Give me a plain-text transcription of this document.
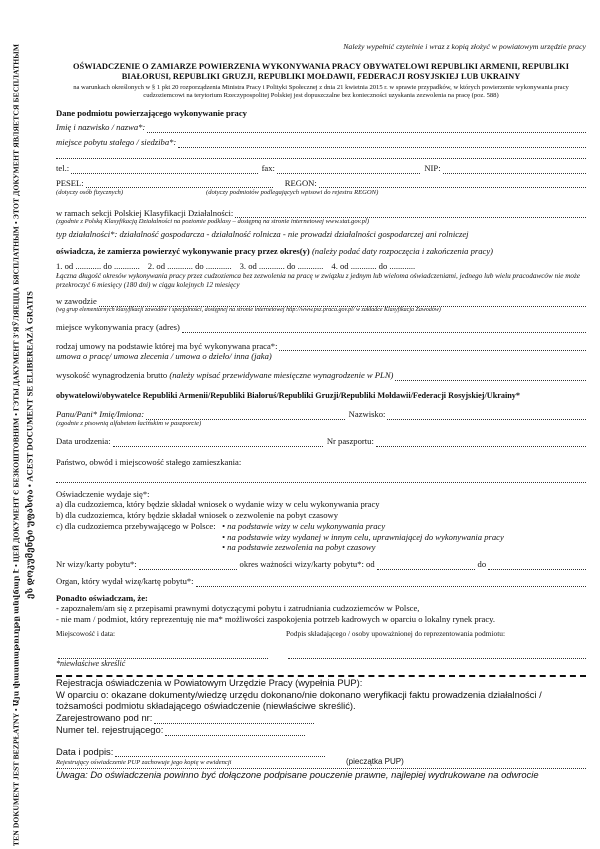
TEN DOKUMENT JEST BEZPŁATNY • Այս փաստաթուղթը անվճար է • ЦЕЙ ДОКУМЕНТ Є БЕЗКОШТОВНИМ • ГЭТЫ ДАКУМЕНТ З'ЯЎЛЯЕЦЦА БЯСПЛАТНЫМ • ЭТОТ ДОКУМЕНТ ЯВЛЯЕТСЯ БЕСПЛАТНЫМ ეს დოკუმენტი უფასოა • ACEST DOCUMENT SE ELIBEREAZĂ GRATIS
Należy wypełnić czytelnie i wraz z kopią złożyć w powiatowym urzędzie pracy
OŚWIADCZENIE O ZAMIARZE POWIERZENIA WYKONYWANIA PRACY OBYWATELOWI REPUBLIKI ARMENII, REPUBLIKI BIAŁORUSI, REPUBLIKI GRUZJI, REPUBLIKI MOŁDAWII, FEDERACJI ROSYJSKIEJ LUB UKRAINY
na warunkach określonych w § 1 pkt 20 rozporządzenia Ministra Pracy i Polityki Społecznej z dnia 21 kwietnia 2015 r. w sprawie przypadków, w których powierzenie wykonywania pracy cudzoziemcowi na terytorium Rzeczypospolitej Polskiej jest dopuszczalne bez konieczności uzyskania zezwolenia na pracę (poz. 588)
Dane podmiotu powierzającego wykonywanie pracy
Imię i nazwisko / nazwa*:
miejsce pobytu stałego / siedziba*:
tel.:	fax:	NIP:
PESEL:	REGON:
(dotyczy osób fizycznych)	(dotyczy podmiotów podlegających wpisowi do rejestru REGON)
w ramach sekcji Polskiej Klasyfikacji Działalności:
(zgodnie z Polską Klasyfikacją Działalności na poziomie podklasy – dostępną na stronie internetowej www.stat.gov.pl)
typ działalności*: działalność gospodarcza - działalność rolnicza - nie prowadzi działalności gospodarczej ani rolniczej
oświadcza, że zamierza powierzyć wykonywanie pracy przez okres(y)
(należy podać daty rozpoczęcia i zakończenia pracy)
1. od ............ do ............ 2. od ............ do ............ 3. od ............ do ............ 4. od ............ do ............
Łączna długość okresów wykonywania pracy przez cudzoziemca bez zezwolenia na pracę w związku z jednym lub wieloma oświadczeniami, jednego lub wielu pracodawców nie może przekroczyć 6 miesięcy (180 dni) w ciągu kolejnych 12 miesięcy
w zawodzie
(wg grup elementarnych klasyfikacji zawodów i specjalności, dostępnej na stronie internetowej http://www.psz.praca.gov.pl/ w zakładce Klasyfikacja Zawodów)
miejsce wykonywania pracy (adres)
rodzaj umowy na podstawie której ma być wykonywana praca*:
umowa o pracę/ umowa zlecenia / umowa o dzieło/ inna (jaka)
wysokość wynagrodzenia brutto
(należy wpisać przewidywane miesięczne wynagrodzenie w PLN)
obywatelowi/obywatelce Republiki Armenii/Republiki Białoruś/Republiki Gruzji/Republiki Mołdawii/Federacji Rosyjskiej/Ukrainy*
Panu/Pani* Imię/Imiona:	Nazwisko:
(zgodnie z pisownią alfabetem łacińskim w paszporcie)
Data urodzenia:	Nr paszportu:
Państwo, obwód i miejscowość stałego zamieszkania:
Oświadczenie wydaje się*:
a) dla cudzoziemca, który będzie składał wniosek o wydanie wizy w celu wykonywania pracy
b) dla cudzoziemca, który będzie składał wniosek o zezwolenie na pobyt czasowy
c) dla cudzoziemca przebywającego w Polsce: • na podstawie wizy w celu wykonywania pracy
• na podstawie wizy wydanej w innym celu, uprawniającej do wykonywania pracy
• na podstawie zezwolenia na pobyt czasowy
Nr wizy/karty pobytu*:	okres ważności wizy/karty pobytu*: od	do
Organ, który wydał wizę/kartę pobytu*:
Ponadto oświadczam, że:
- zapoznałem/am się z przepisami prawnymi dotyczącymi pobytu i zatrudniania cudzoziemców w Polsce,
- nie mam / podmiot, który reprezentuję nie ma* możliwości zaspokojenia potrzeb kadrowych w oparciu o lokalny rynek pracy.
Miejscowość i data:	Podpis składającego / osoby upoważnionej do reprezentowania podmiotu:
*niewłaściwe skreślić
Rejestracja oświadczenia w Powiatowym Urzędzie Pracy (wypełnia PUP):
W oparciu o: okazane dokumenty/wiedzę urzędu dokonano/nie dokonano weryfikacji faktu prowadzenia działalności / tożsamości podmiotu składającego oświadczenie (niewłaściwe skreślić).
Zarejestrowano pod nr:
Numer tel. rejestrującego:
Data i podpis:
Rejestrujący oświadczenie PUP zachowuje jego kopię w ewidencji	(pieczątka PUP)
Uwaga: Do oświadczenia powinno być dołączone podpisane pouczenie prawne, najlepiej wydrukowane na odwrocie
